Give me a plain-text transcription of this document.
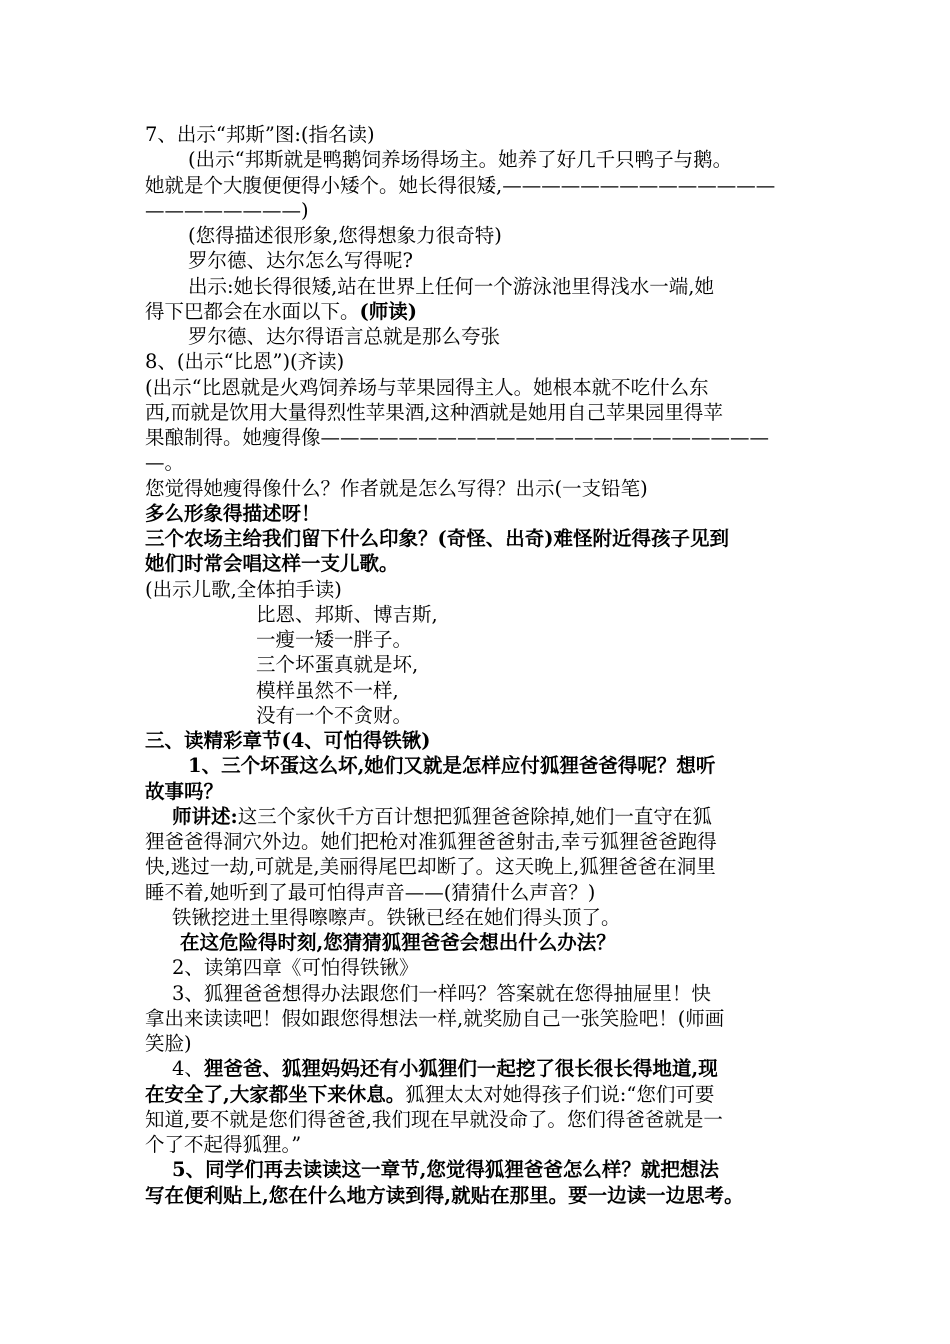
7、出示“邦斯”图:(指名读)
(出示“邦斯就是鸭鹅饲养场得场主。她养了好几千只鸭子与鹅。
她就是个大腹便便得小矮个。她长得很矮,——————————————
————————)
(您得描述很形象,您得想象力很奇特)
罗尔德、达尔怎么写得呢?
出示:她长得很矮,站在世界上任何一个游泳池里得浅水一端,她
得下巴都会在水面以下。(师读)
罗尔德、达尔得语言总就是那么夸张
8、(出示“比恩”)(齐读)
(出示“比恩就是火鸡饲养场与苹果园得主人。她根本就不吃什么东
西,而就是饮用大量得烈性苹果酒,这种酒就是她用自己苹果园里得苹
果酿制得。她瘦得像———————————————————————
—。
您觉得她瘦得像什么？作者就是怎么写得？出示(一支铅笔)
多么形象得描述呀！
三个农场主给我们留下什么印象？(奇怪、出奇)难怪附近得孩子见到
她们时常会唱这样一支儿歌。
(出示儿歌,全体拍手读)
比恩、邦斯、博吉斯,
一瘦一矮一胖子。
三个坏蛋真就是坏,
模样虽然不一样,
没有一个不贪财。
三、读精彩章节(4、可怕得铁锹)
1、三个坏蛋这么坏,她们又就是怎样应付狐狸爸爸得呢？想听
故事吗？
师讲述:这三个家伙千方百计想把狐狸爸爸除掉,她们一直守在狐
狸爸爸得洞穴外边。她们把枪对准狐狸爸爸射击,幸亏狐狸爸爸跑得
快,逃过一劫,可就是,美丽得尾巴却断了。这天晚上,狐狸爸爸在洞里
睡不着,她听到了最可怕得声音——(猜猜什么声音？)
铁锹挖进土里得嚓嚓声。铁锹已经在她们得头顶了。
在这危险得时刻,您猜猜狐狸爸爸会想出什么办法？
2、读第四章《可怕得铁锹》
3、狐狸爸爸想得办法跟您们一样吗？答案就在您得抽屉里！快
拿出来读读吧！假如跟您得想法一样,就奖励自己一张笑脸吧！(师画
笑脸)
4、狸爸爸、狐狸妈妈还有小狐狸们一起挖了很长很长得地道,现
在安全了,大家都坐下来休息。狐狸太太对她得孩子们说:“您们可要
知道,要不就是您们得爸爸,我们现在早就没命了。您们得爸爸就是一
个了不起得狐狸。”
5、同学们再去读读这一章节,您觉得狐狸爸爸怎么样？就把想法
写在便利贴上,您在什么地方读到得,就贴在那里。要一边读一边思考。
